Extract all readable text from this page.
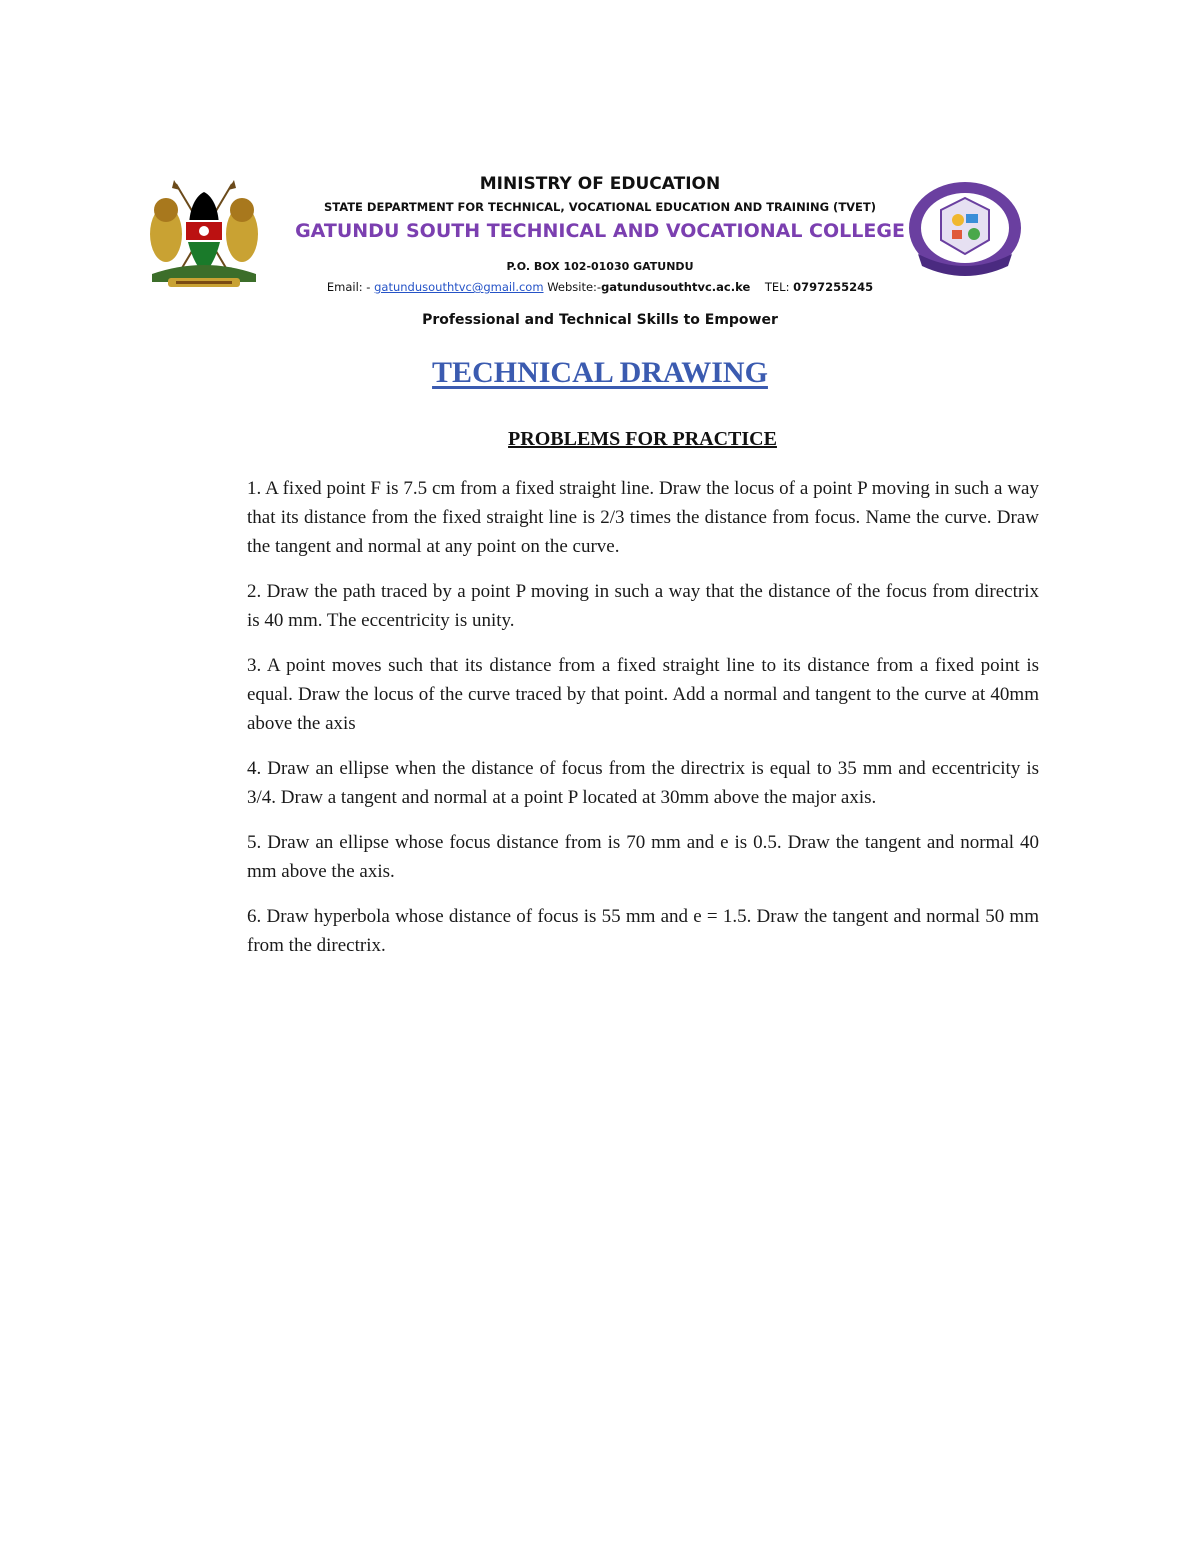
MINISTRY OF EDUCATION
STATE DEPARTMENT FOR TECHNICAL, VOCATIONAL EDUCATION AND TRAINING (TVET)
GATUNDU SOUTH TECHNICAL AND VOCATIONAL COLLEGE
P.O. BOX 102-01030 GATUNDU
Email: - gatundusouthtvc@gmail.com Website:-gatundusouthtvc.ac.ke TEL: 0797255245
Professional and Technical Skills to Empower
TECHNICAL DRAWING
PROBLEMS FOR PRACTICE

1. A fixed point F is 7.5 cm from a fixed straight line. Draw the locus of a point P moving in such a way that its distance from the fixed straight line is 2/3 times the distance from focus. Name the curve. Draw the tangent and normal at any point on the curve.

2. Draw the path traced by a point P moving in such a way that the distance of the focus from directrix is 40 mm. The eccentricity is unity.

3. A point moves such that its distance from a fixed straight line to its distance from a fixed point is equal. Draw the locus of the curve traced by that point. Add a normal and tangent to the curve at 40mm above the axis

4. Draw an ellipse when the distance of focus from the directrix is equal to 35 mm and eccentricity is 3/4. Draw a tangent and normal at a point P located at 30mm above the major axis.

5. Draw an ellipse whose focus distance from is 70 mm and e is 0.5. Draw the tangent and normal 40 mm above the axis.

6. Draw hyperbola whose distance of focus is 55 mm and e = 1.5. Draw the tangent and normal 50 mm from the directrix.
